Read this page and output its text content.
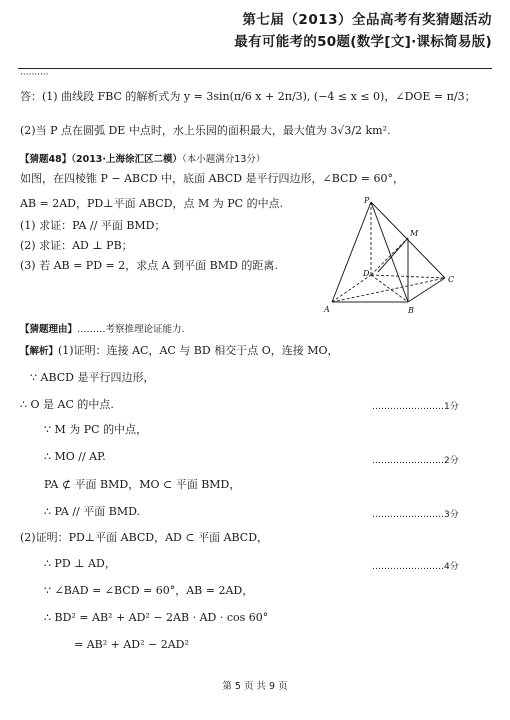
第七届（2013）全品高考有奖猜题活动
最有可能考的50题(数学[文]·课标简易版)
··········
答：(1) 曲线段 FBC 的解析式为 y = 3sin(π/6 x + 2π/3), (−4 ≤ x ≤ 0)，∠DOE = π/3；
(2)当 P 点在圆弧 DE 中点时，水上乐园的面积最大，最大值为 3√3/2 km².
【猜题48】（2013·上海徐汇区二模）（本小题满分13分）
如图，在四棱锥 P − ABCD 中，底面 ABCD 是平行四边形，∠BCD = 60°，
AB = 2AD，PD⊥平面 ABCD，点 M 为 PC 的中点.
(1) 求证：PA // 平面 BMD；
(2) 求证：AD ⊥ PB；
(3) 若 AB = PD = 2，求点 A 到平面 BMD 的距离.
P
M
D
C
A	B
【猜题理由】………考察推理论证能力.
【解析】(1)证明：连接 AC，AC 与 BD 相交于点 O，连接 MO，
∵ ABCD 是平行四边形，
∴ O 是 AC 的中点.	……………………1分
∵ M 为 PC 的中点，
∴ MO // AP.	……………………2分
PA ⊄ 平面 BMD，MO ⊂ 平面 BMD，
∴ PA // 平面 BMD.	……………………3分
(2)证明：PD⊥平面 ABCD，AD ⊂ 平面 ABCD，
∴ PD ⊥ AD，	……………………4分
∵ ∠BAD = ∠BCD = 60°，AB = 2AD，
∴ BD² = AB² + AD² − 2AB · AD · cos 60°
= AB² + AD² − 2AD²
第 5 页 共 9 页
